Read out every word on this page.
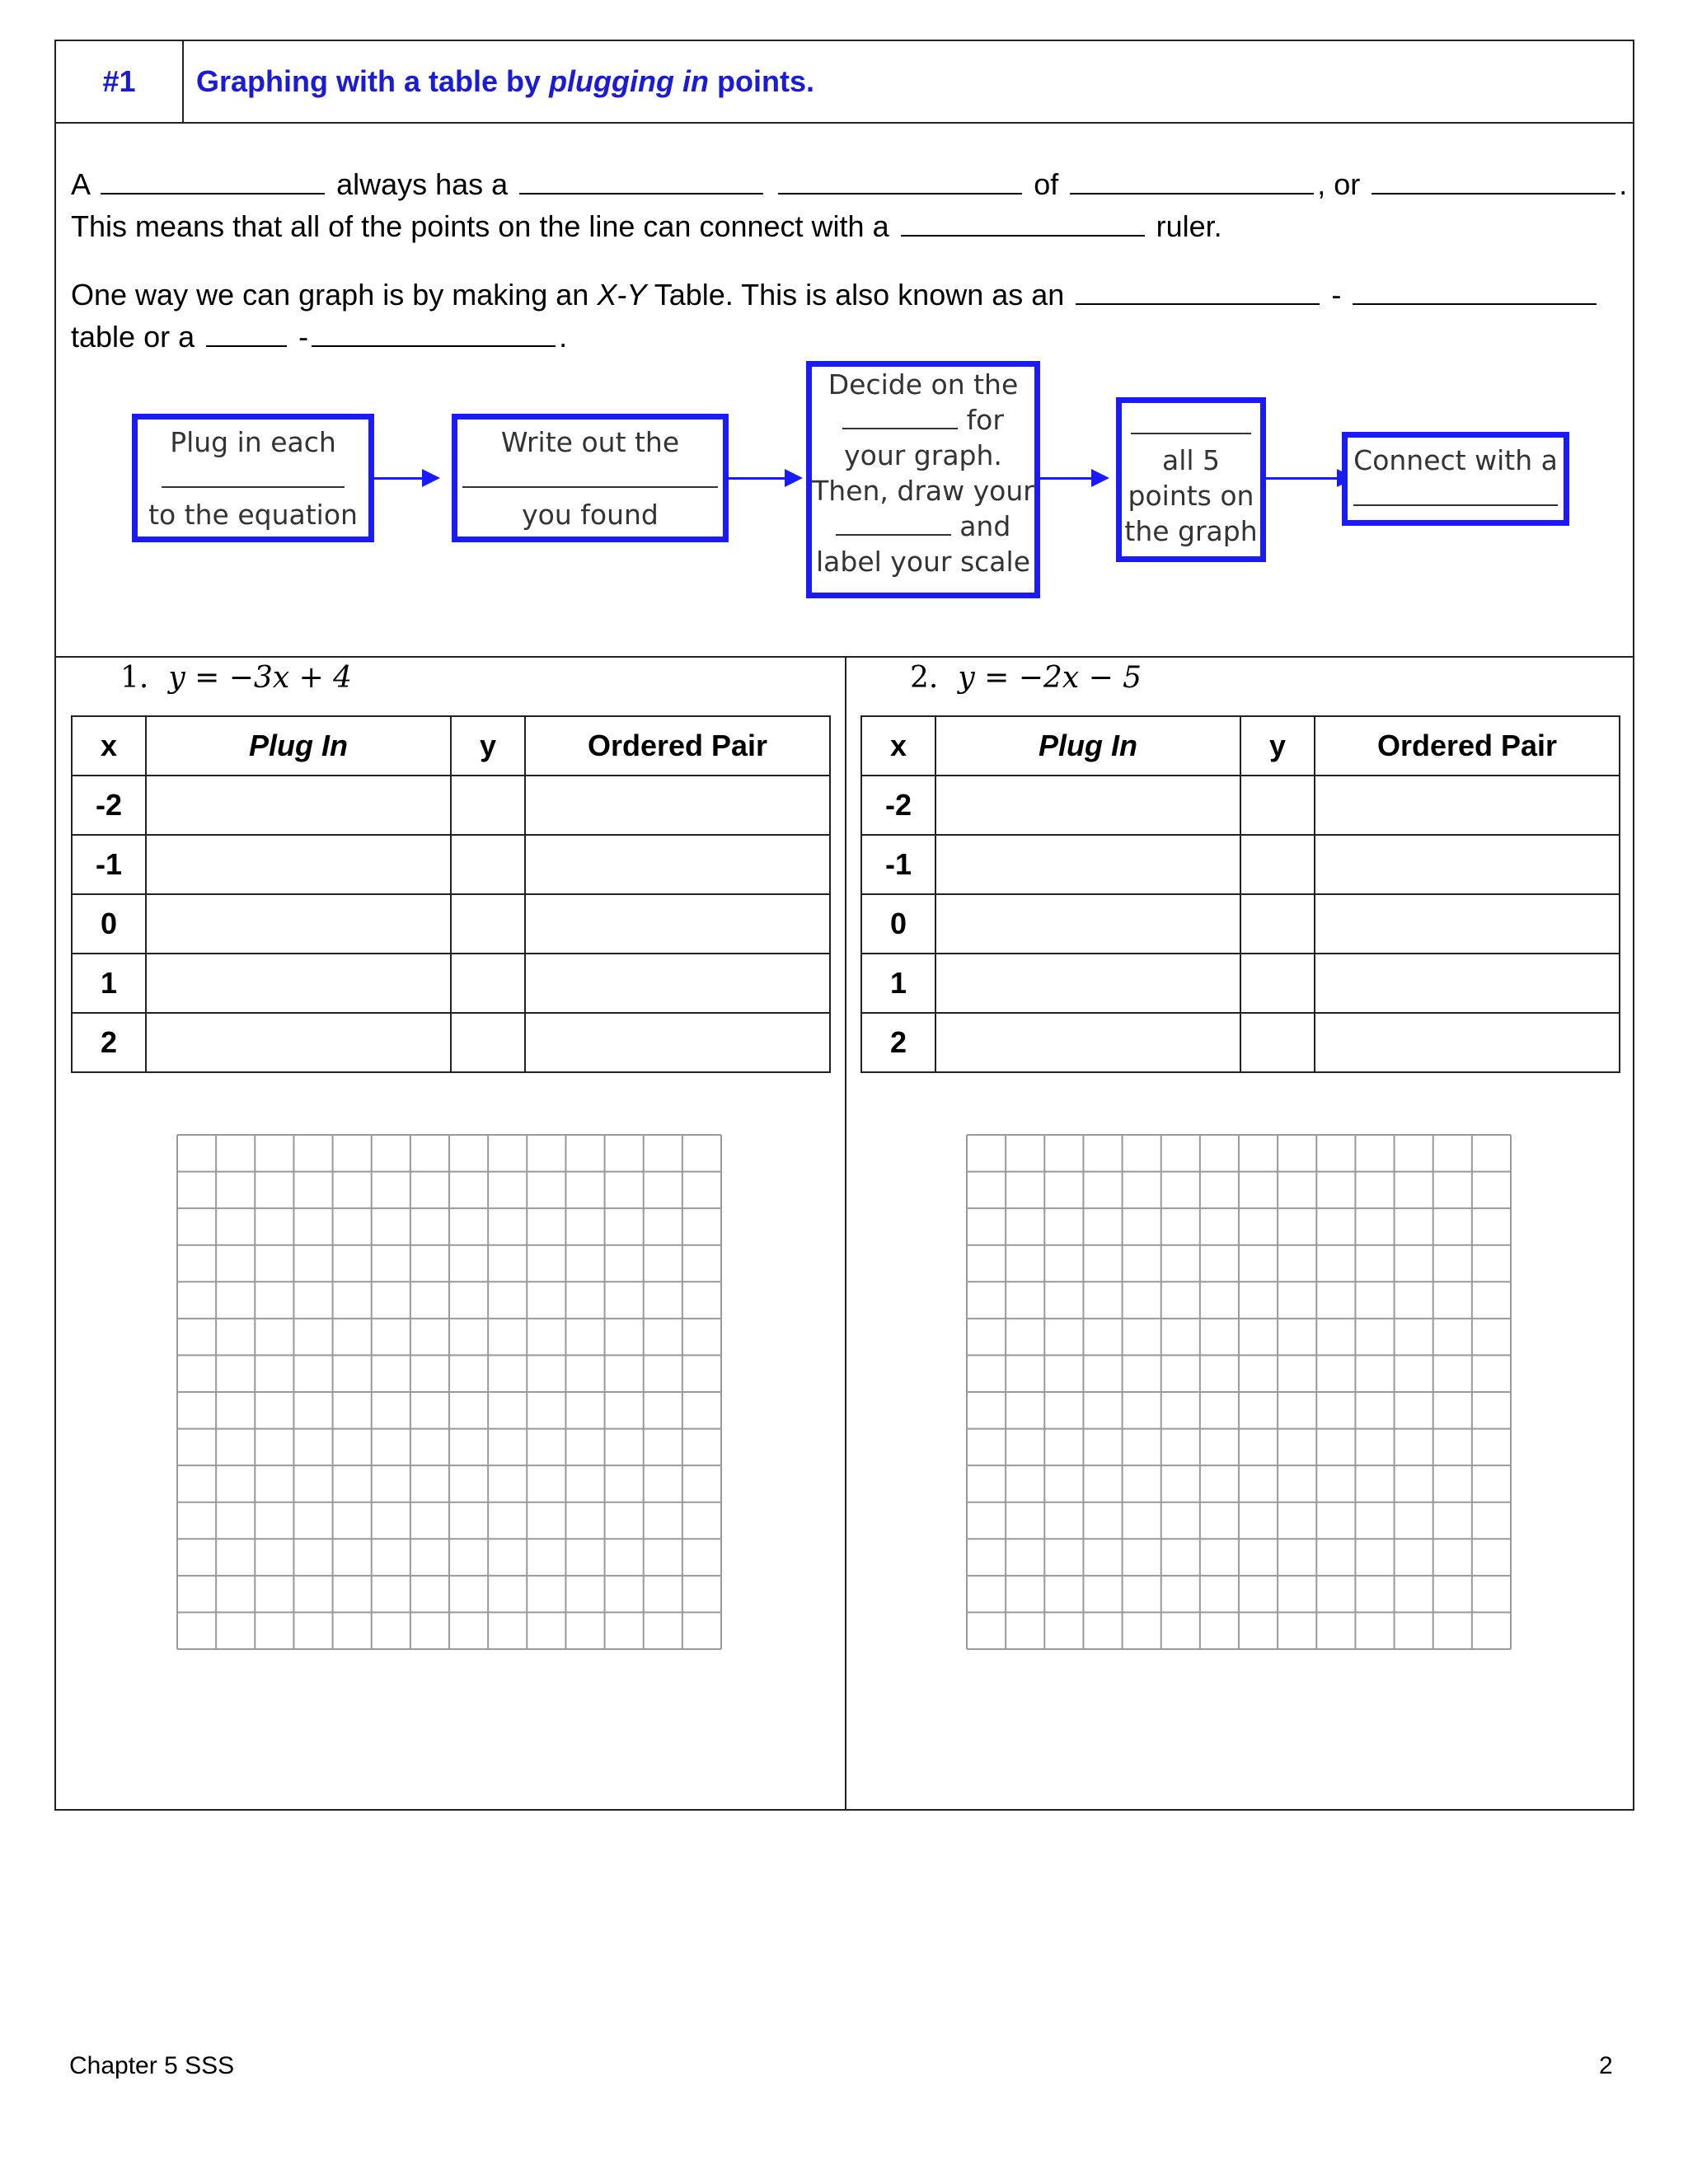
#1	Graphing with a table by
plugging in
points.

A	always has a	of	, or	.

This means that all of the points on the line can connect with a	ruler.

One way we can graph is by making an X-Y Table. This is also known as an	-

table or a	-	.

Plug in each
to the equation
Write out the
you found
Decide on the
for
your graph.
Then, draw your
and
label your scale
all 5
points on
the graph
Connect with a
1. y = −3x + 4
x	Plug In	y	Ordered Pair
-2			
-1			
0			
1			
2			
2. y = −2x − 5
x	Plug In	y	Ordered Pair
-2			
-1			
0			
1			
2			
Chapter 5 SSS	2
